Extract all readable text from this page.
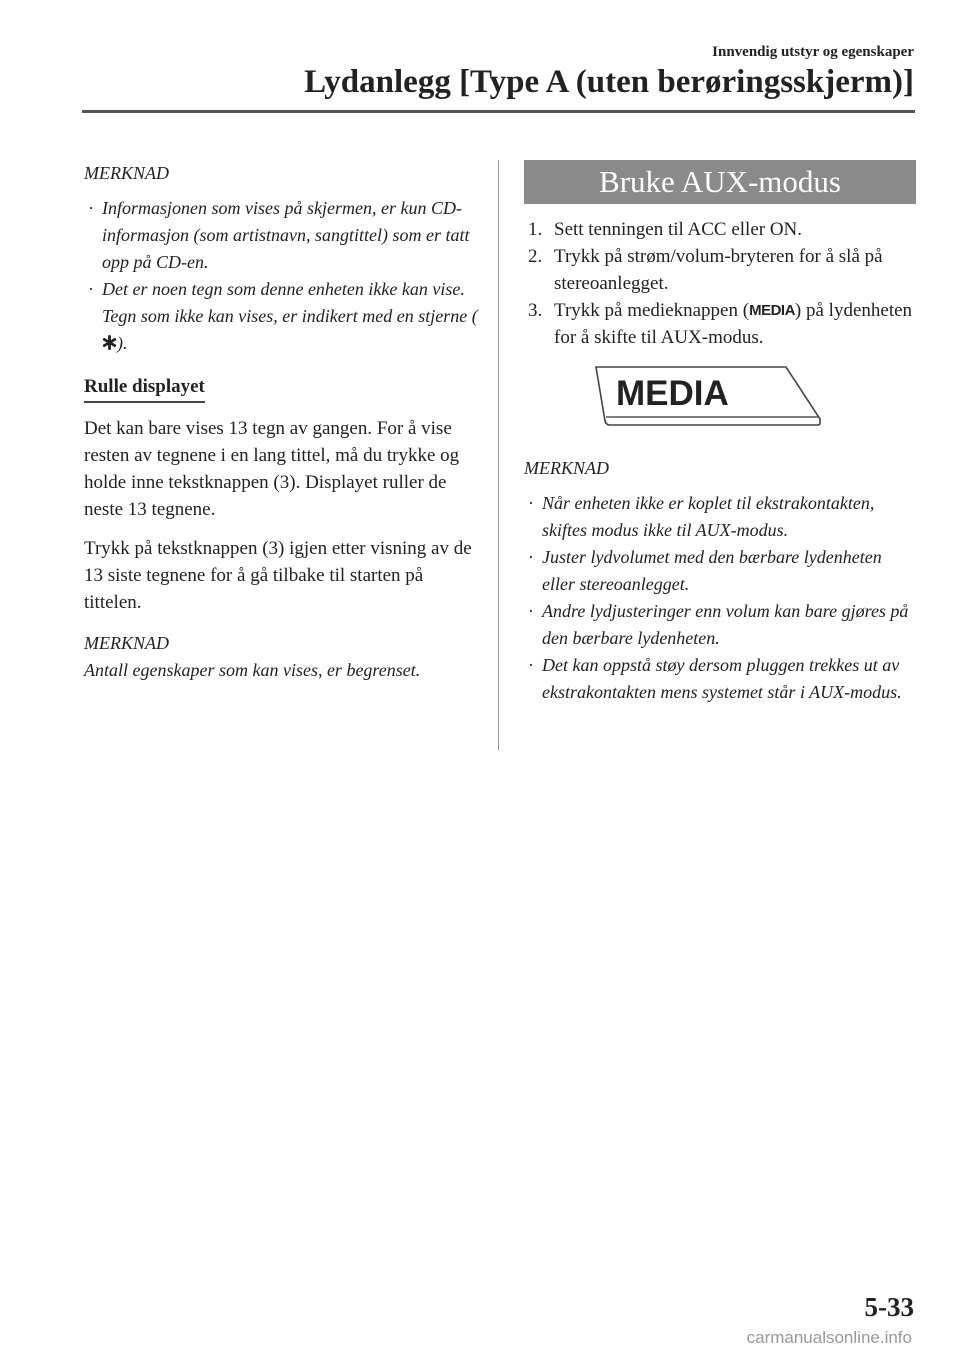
Innvendig utstyr og egenskaper
Lydanlegg [Type A (uten berøringsskjerm)]

MERKNAD

· Informasjonen som vises på skjermen, er kun CD-informasjon (som artistnavn, sangtittel) som er tatt opp på CD-en.
· Det er noen tegn som denne enheten ikke kan vise. Tegn som ikke kan vises, er indikert med en stjerne ().
Rulle displayet

Det kan bare vises 13 tegn av gangen. For å vise resten av tegnene i en lang tittel, må du trykke og holde inne tekstknappen (3). Displayet ruller de neste 13 tegnene.

Trykk på tekstknappen (3) igjen etter visning av de 13 siste tegnene for å gå tilbake til starten på tittelen.

MERKNAD

Antall egenskaper som kan vises, er begrenset.

Bruke AUX-modus
1. Sett tenningen til ACC eller ON.
2. Trykk på strøm/volum-bryteren for å slå på stereoanlegget.
3. Trykk på medieknappen (MEDIA) på lydenheten for å skifte til AUX-modus.
MEDIA

MERKNAD

· Når enheten ikke er koplet til ekstrakontakten, skiftes modus ikke til AUX-modus.
· Juster lydvolumet med den bærbare lydenheten eller stereoanlegget.
· Andre lydjusteringer enn volum kan bare gjøres på den bærbare lydenheten.
· Det kan oppstå støy dersom pluggen trekkes ut av ekstrakontakten mens systemet står i AUX-modus.
5-33
carmanualsonline.info
